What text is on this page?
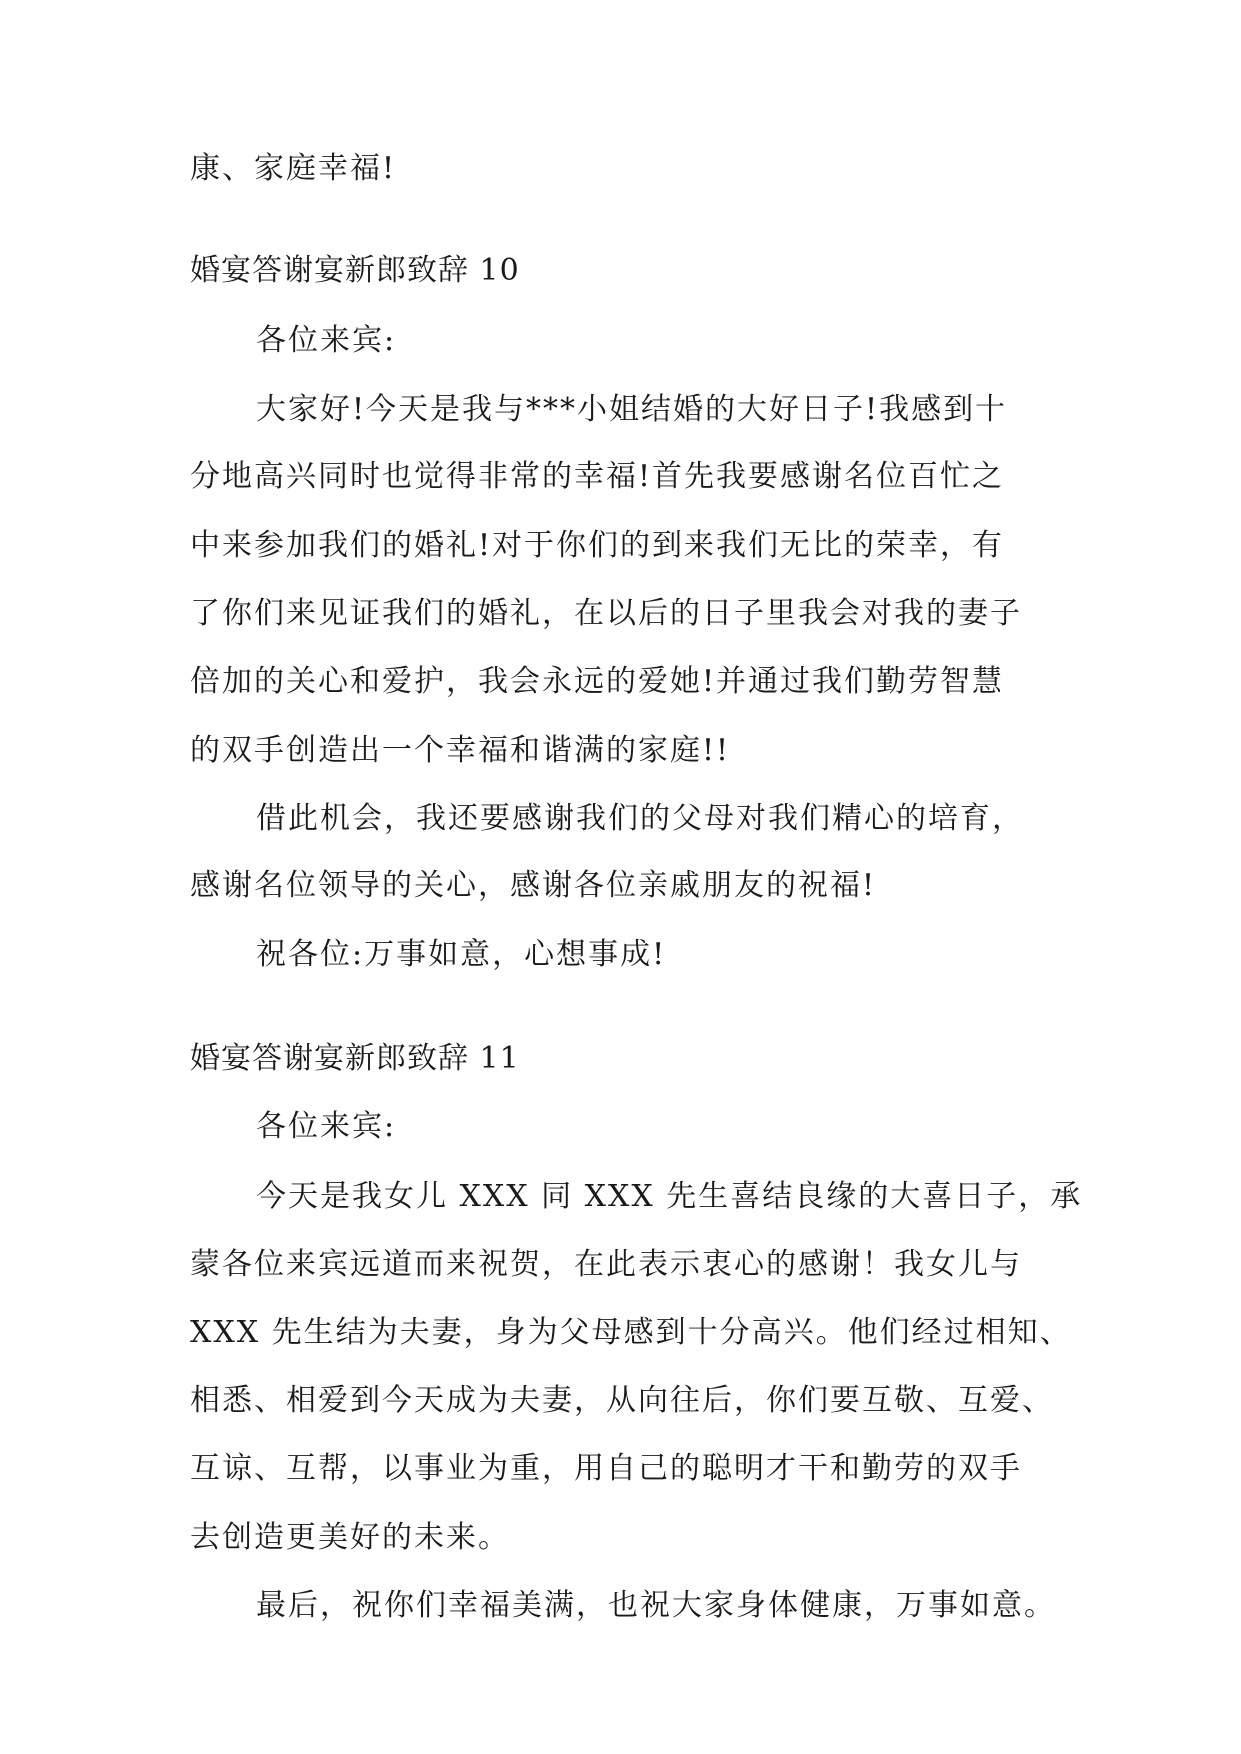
康、家庭幸福!
婚宴答谢宴新郎致辞 10
各位来宾:
大家好!今天是我与***小姐结婚的大好日子!我感到十
分地高兴同时也觉得非常的幸福!首先我要感谢名位百忙之
中来参加我们的婚礼!对于你们的到来我们无比的荣幸，有
了你们来见证我们的婚礼，在以后的日子里我会对我的妻子
倍加的关心和爱护，我会永远的爱她!并通过我们勤劳智慧
的双手创造出一个幸福和谐满的家庭!!
借此机会，我还要感谢我们的父母对我们精心的培育，
感谢名位领导的关心，感谢各位亲戚朋友的祝福!
祝各位:万事如意，心想事成!
婚宴答谢宴新郎致辞 11
各位来宾:
今天是我女儿 XXX 同 XXX 先生喜结良缘的大喜日子，承
蒙各位来宾远道而来祝贺，在此表示衷心的感谢！我女儿与
XXX 先生结为夫妻，身为父母感到十分高兴。他们经过相知、
相悉、相爱到今天成为夫妻，从向往后，你们要互敬、互爱、
互谅、互帮，以事业为重，用自己的聪明才干和勤劳的双手
去创造更美好的未来。
最后，祝你们幸福美满，也祝大家身体健康，万事如意。
